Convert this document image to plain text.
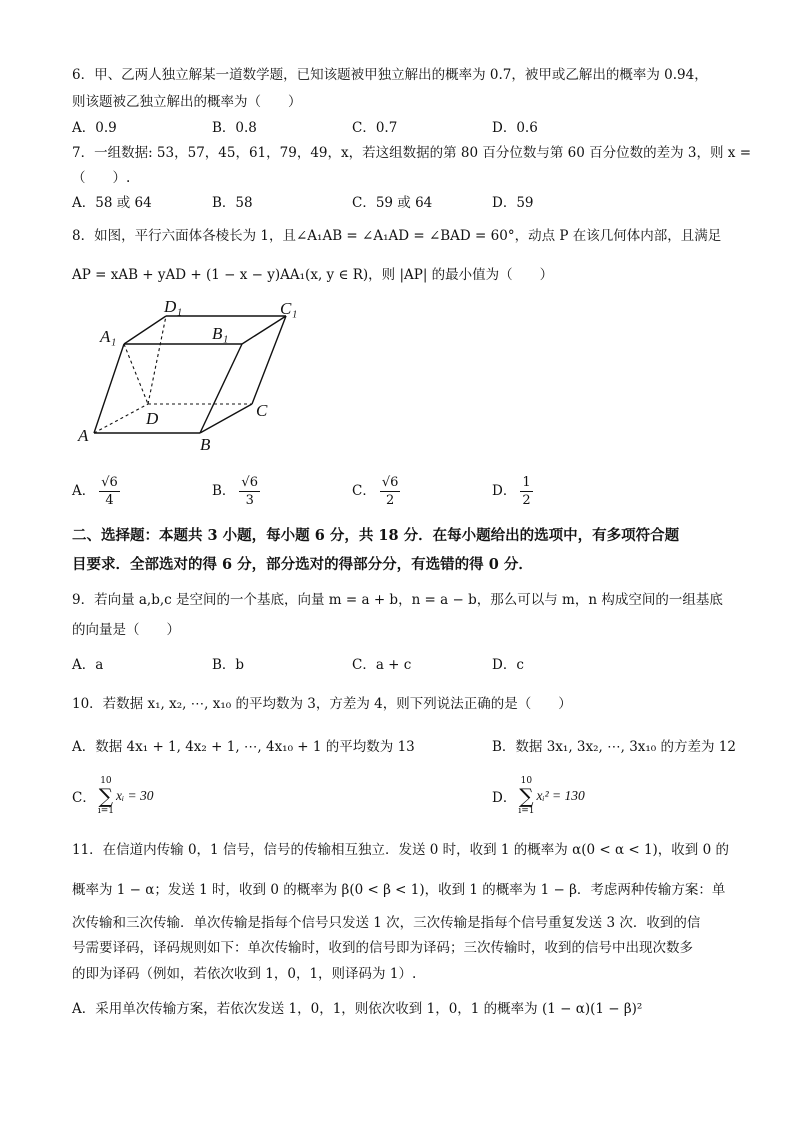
6．甲、乙两人独立解某一道数学题，已知该题被甲独立解出的概率为 0.7，被甲或乙解出的概率为 0.94，
则该题被乙独立解出的概率为（　　）
A．0.9	B．0.8	C．0.7	D．0.6
7．一组数据: 53，57，45，61，79，49，x，若这组数据的第 80 百分位数与第 60 百分位数的差为 3，则 x =
（　　）.
A．58 或 64	B．58	C．59 或 64	D．59
8．如图，平行六面体各棱长为 1，且∠A₁AB = ∠A₁AD = ∠BAD = 60°，动点 P 在该几何体内部，且满足
AP = xAB + yAD + (1 − x − y)AA₁(x, y ∈ R)，则 |AP| 的最小值为（　　）
D₁	C₁
A₁	B₁
C
D
A	B
A． $\frac{√6}{4}$	B． $\frac{√6}{3}$	C． $\frac{√6}{2}$	D． $\frac{1}{2}$
二、选择题：本题共 3 小题，每小题 6 分，共 18 分．在每小题给出的选项中，有多项符合题
目要求．全部选对的得 6 分，部分选对的得部分分，有选错的得 0 分．
9．若向量 a,b,c 是空间的一个基底，向量 m = a + b，n = a − b，那么可以与 m，n 构成空间的一组基底
的向量是（　　）
A．a	B．b	C．a + c	D．c
10．若数据 x₁, x₂, ⋯, x₁₀ 的平均数为 3，方差为 4，则下列说法正确的是（　　）
A．数据 4x₁ + 1, 4x₂ + 1, ⋯, 4x₁₀ + 1 的平均数为 13	B．数据 3x₁, 3x₂, ⋯, 3x₁₀ 的方差为 12
C．
10
∑
i=1
xᵢ = 30	D．
10
∑
i=1
xᵢ² = 130
11．在信道内传输 0，1 信号，信号的传输相互独立．发送 0 时，收到 1 的概率为 α(0 < α < 1)，收到 0 的
概率为 1 − α；发送 1 时，收到 0 的概率为 β(0 < β < 1)，收到 1 的概率为 1 − β．考虑两种传输方案：单
次传输和三次传输．单次传输是指每个信号只发送 1 次，三次传输是指每个信号重复发送 3 次．收到的信
号需要译码，译码规则如下：单次传输时，收到的信号即为译码；三次传输时，收到的信号中出现次数多
的即为译码（例如，若依次收到 1，0，1，则译码为 1）.
A．采用单次传输方案，若依次发送 1，0，1，则依次收到 1，0，1 的概率为 (1 − α)(1 − β)²
